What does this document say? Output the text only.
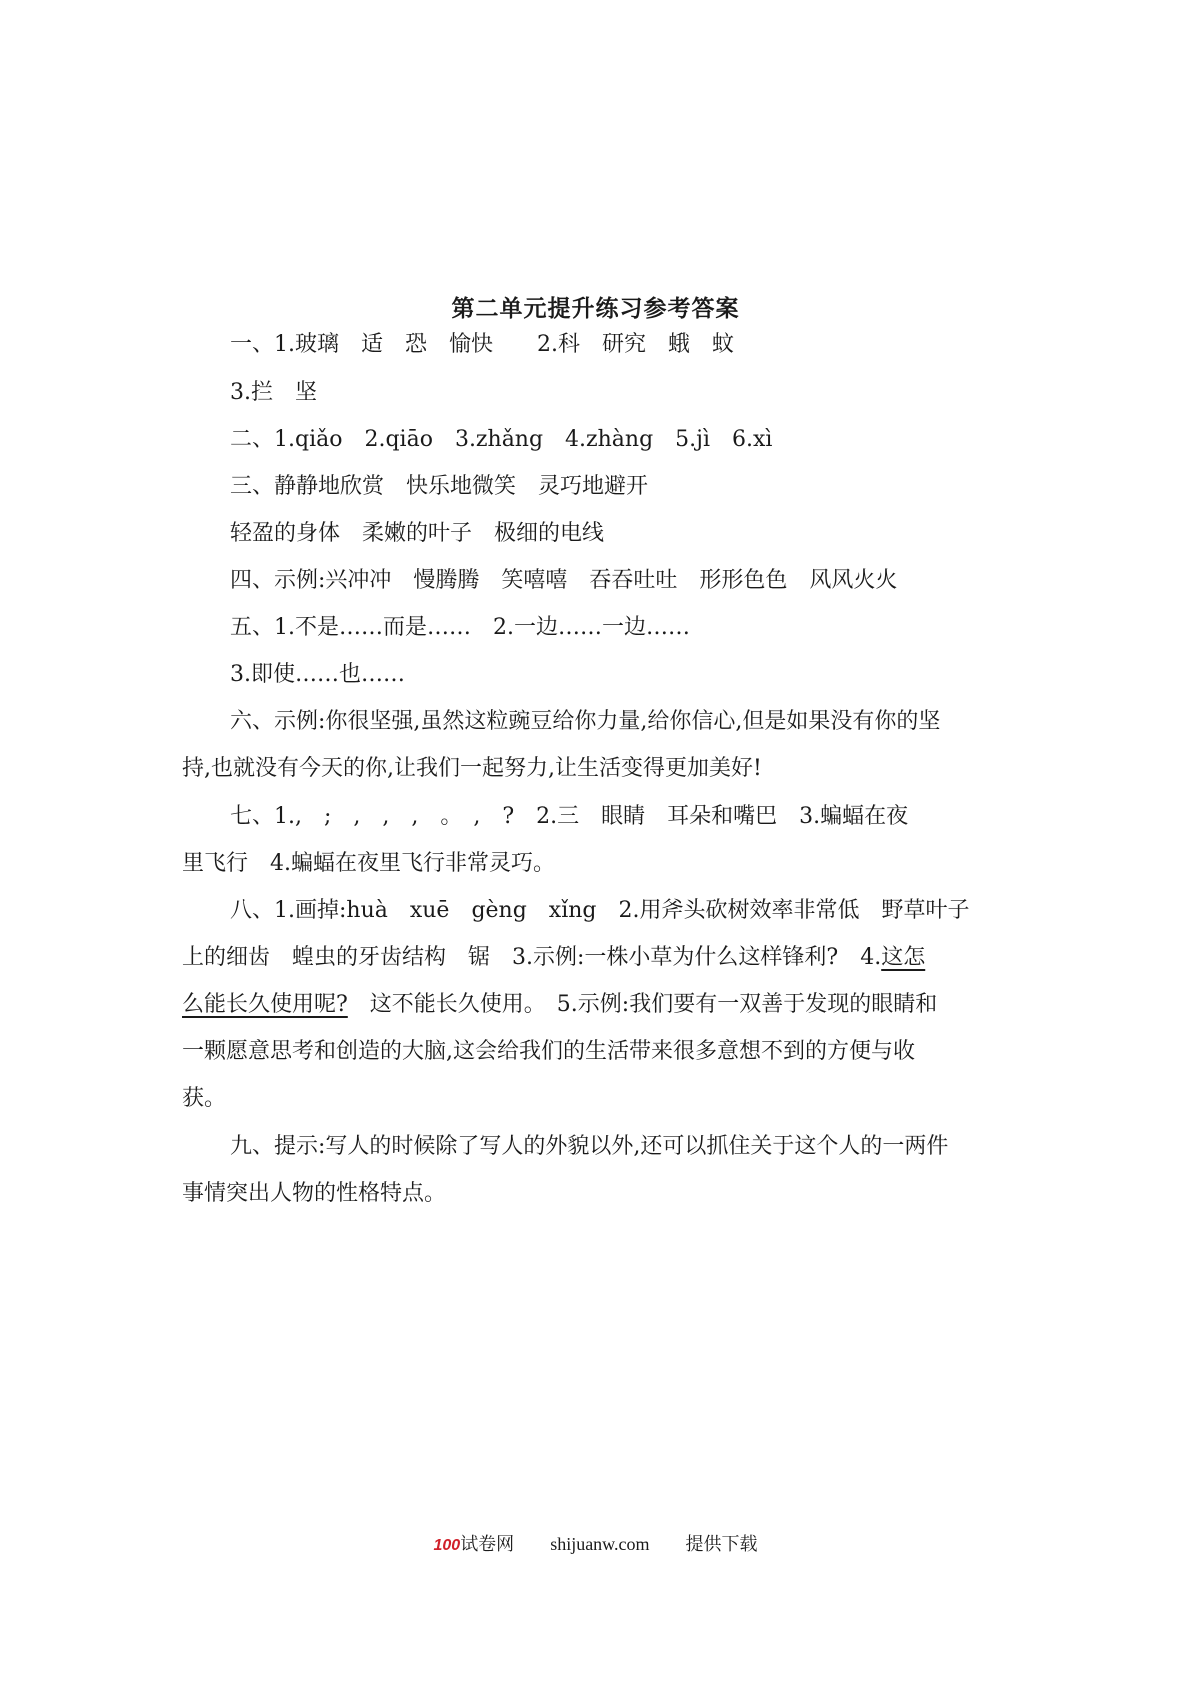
第二单元提升练习参考答案
一、1.玻璃　适　恐　愉快　　2.科　研究　蛾　蚊
3.拦　坚
二、1.qiǎo　2.qiāo　3.zhǎng　4.zhàng　5.jì　6.xì
三、静静地欣赏　快乐地微笑　灵巧地避开
轻盈的身体　柔嫩的叶子　极细的电线
四、示例:兴冲冲　慢腾腾　笑嘻嘻　吞吞吐吐　形形色色　风风火火
五、1.不是……而是……　2.一边……一边……
3.即使……也……
六、示例:你很坚强,虽然这粒豌豆给你力量,给你信心,但是如果没有你的坚
持,也就没有今天的你,让我们一起努力,让生活变得更加美好!
七、1.,　;　,　,　,　。　,　?　2.三　眼睛　耳朵和嘴巴　3.蝙蝠在夜
里飞行　4.蝙蝠在夜里飞行非常灵巧。
八、1.画掉:huà　xuē　gèng　xǐng　2.用斧头砍树效率非常低　野草叶子
上的细齿　蝗虫的牙齿结构　锯　3.示例:一株小草为什么这样锋利?　4.这怎
么能长久使用呢?　这不能长久使用。　5.示例:我们要有一双善于发现的眼睛和
一颗愿意思考和创造的大脑,这会给我们的生活带来很多意想不到的方便与收
获。
九、提示:写人的时候除了写人的外貌以外,还可以抓住关于这个人的一两件
事情突出人物的性格特点。
100试卷网 shijuanw.com 提供下载
